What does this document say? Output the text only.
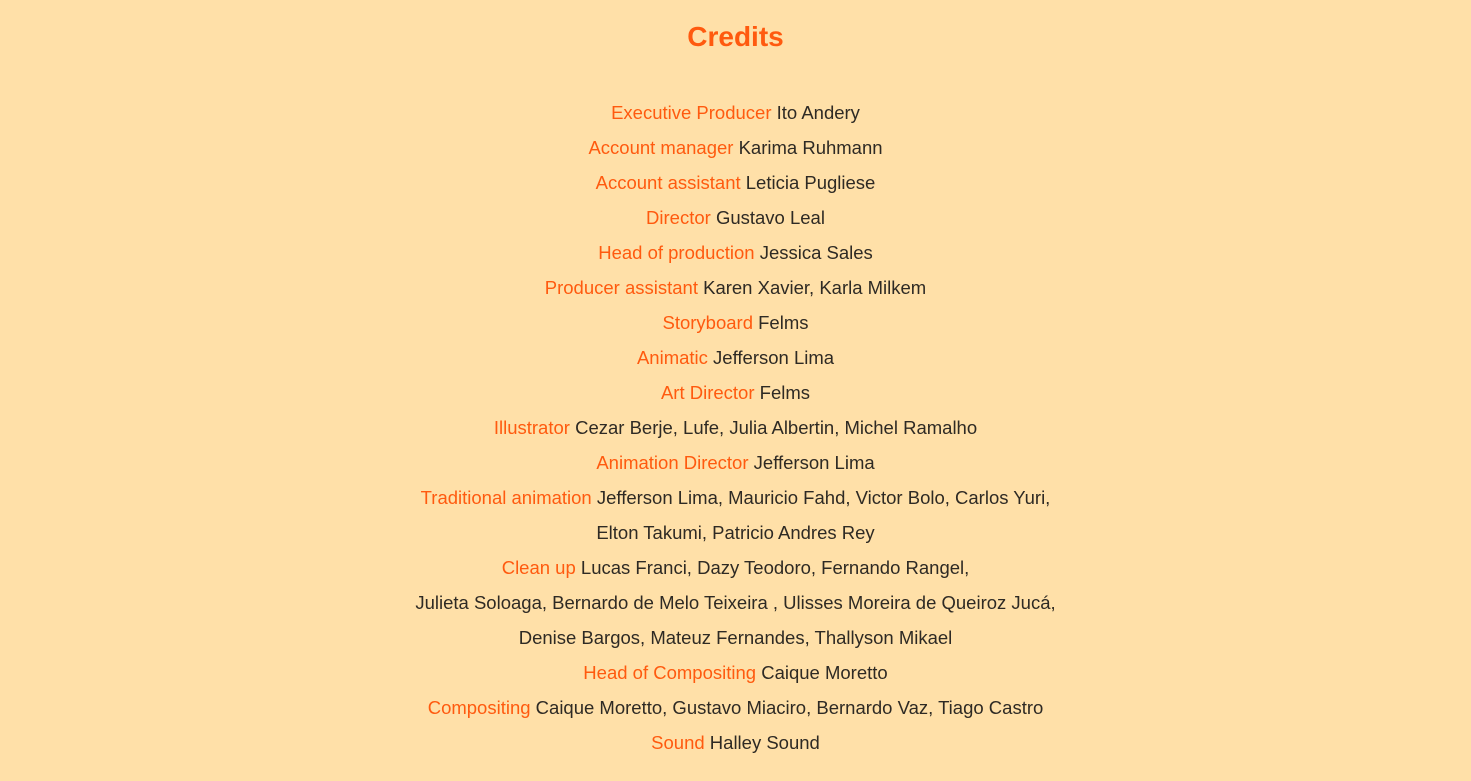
Credits
Executive Producer Ito Andery
Account manager Karima Ruhmann
Account assistant Leticia Pugliese
Director Gustavo Leal
Head of production Jessica Sales
Producer assistant Karen Xavier, Karla Milkem
Storyboard Felms
Animatic Jefferson Lima
Art Director Felms
Illustrator Cezar Berje, Lufe, Julia Albertin, Michel Ramalho
Animation Director Jefferson Lima
Traditional animation Jefferson Lima, Mauricio Fahd, Victor Bolo, Carlos Yuri,
Elton Takumi, Patricio Andres Rey
Clean up Lucas Franci, Dazy Teodoro, Fernando Rangel,
Julieta Soloaga, Bernardo de Melo Teixeira , Ulisses Moreira de Queiroz Jucá,
Denise Bargos, Mateuz Fernandes, Thallyson Mikael
Head of Compositing Caique Moretto
Compositing Caique Moretto, Gustavo Miaciro, Bernardo Vaz, Tiago Castro
Sound Halley Sound
